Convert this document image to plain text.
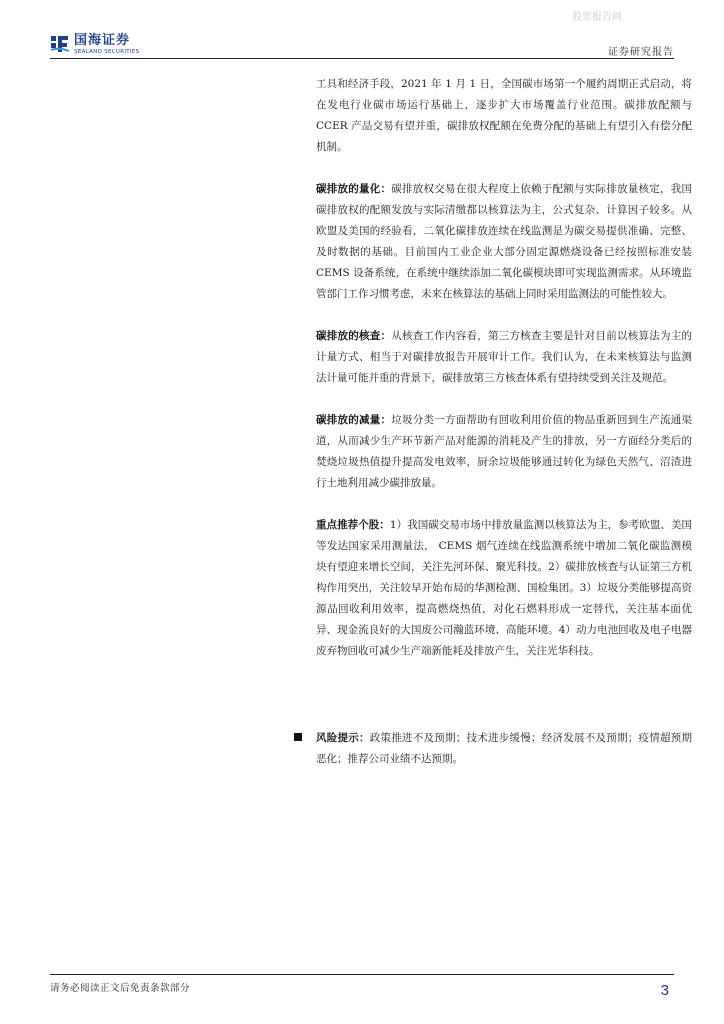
股票报告网
国海证券
SEALAND SECURITIES	证券研究报告

工具和经济手段，2021 年 1 月 1 日，全国碳市场第一个履约周期正式启动，将在发电行业碳市场运行基础上，逐步扩大市场覆盖行业范围。碳排放配额与 CCER 产品交易有望并重，碳排放权配额在免费分配的基础上有望引入有偿分配机制。

碳排放的量化：碳排放权交易在很大程度上依赖于配额与实际排放量核定，我国碳排放权的配额发放与实际清缴都以核算法为主，公式复杂、计算因子较多。从欧盟及美国的经验看，二氧化碳排放连续在线监测是为碳交易提供准确、完整、及时数据的基础。目前国内工业企业大部分固定源燃烧设备已经按照标准安装 CEMS 设备系统，在系统中继续添加二氧化碳模块即可实现监测需求。从环境监管部门工作习惯考虑，未来在核算法的基础上同时采用监测法的可能性较大。

碳排放的核查：从核查工作内容看，第三方核查主要是针对目前以核算法为主的计量方式、相当于对碳排放报告开展审计工作。我们认为，在未来核算法与监测法计量可能并重的背景下，碳排放第三方核查体系有望持续受到关注及规范。

碳排放的减量：垃圾分类一方面帮助有回收利用价值的物品重新回到生产流通渠道，从而减少生产环节新产品对能源的消耗及产生的排放，另一方面经分类后的焚烧垃圾热值提升提高发电效率，厨余垃圾能够通过转化为绿色天然气、沼渣进行土地利用减少碳排放量。

重点推荐个股：1）我国碳交易市场中排放量监测以核算法为主，参考欧盟、美国等发达国家采用测量法， CEMS 烟气连续在线监测系统中增加二氧化碳监测模块有望迎来增长空间，关注先河环保、聚光科技。2）碳排放核查与认证第三方机构作用突出，关注较早开始布局的华测检测、国检集团。3）垃圾分类能够提高资源品回收利用效率，提高燃烧热值，对化石燃料形成一定替代，关注基本面优异、现金流良好的大国废公司瀚蓝环境、高能环境。4）动力电池回收及电子电器废弃物回收可减少生产端新能耗及排放产生，关注光华科技。

风险提示：政策推进不及预期；技术进步缓慢；经济发展不及预期；疫情超预期恶化；推荐公司业绩不达预期。
请务必阅读正文后免责条款部分	3
